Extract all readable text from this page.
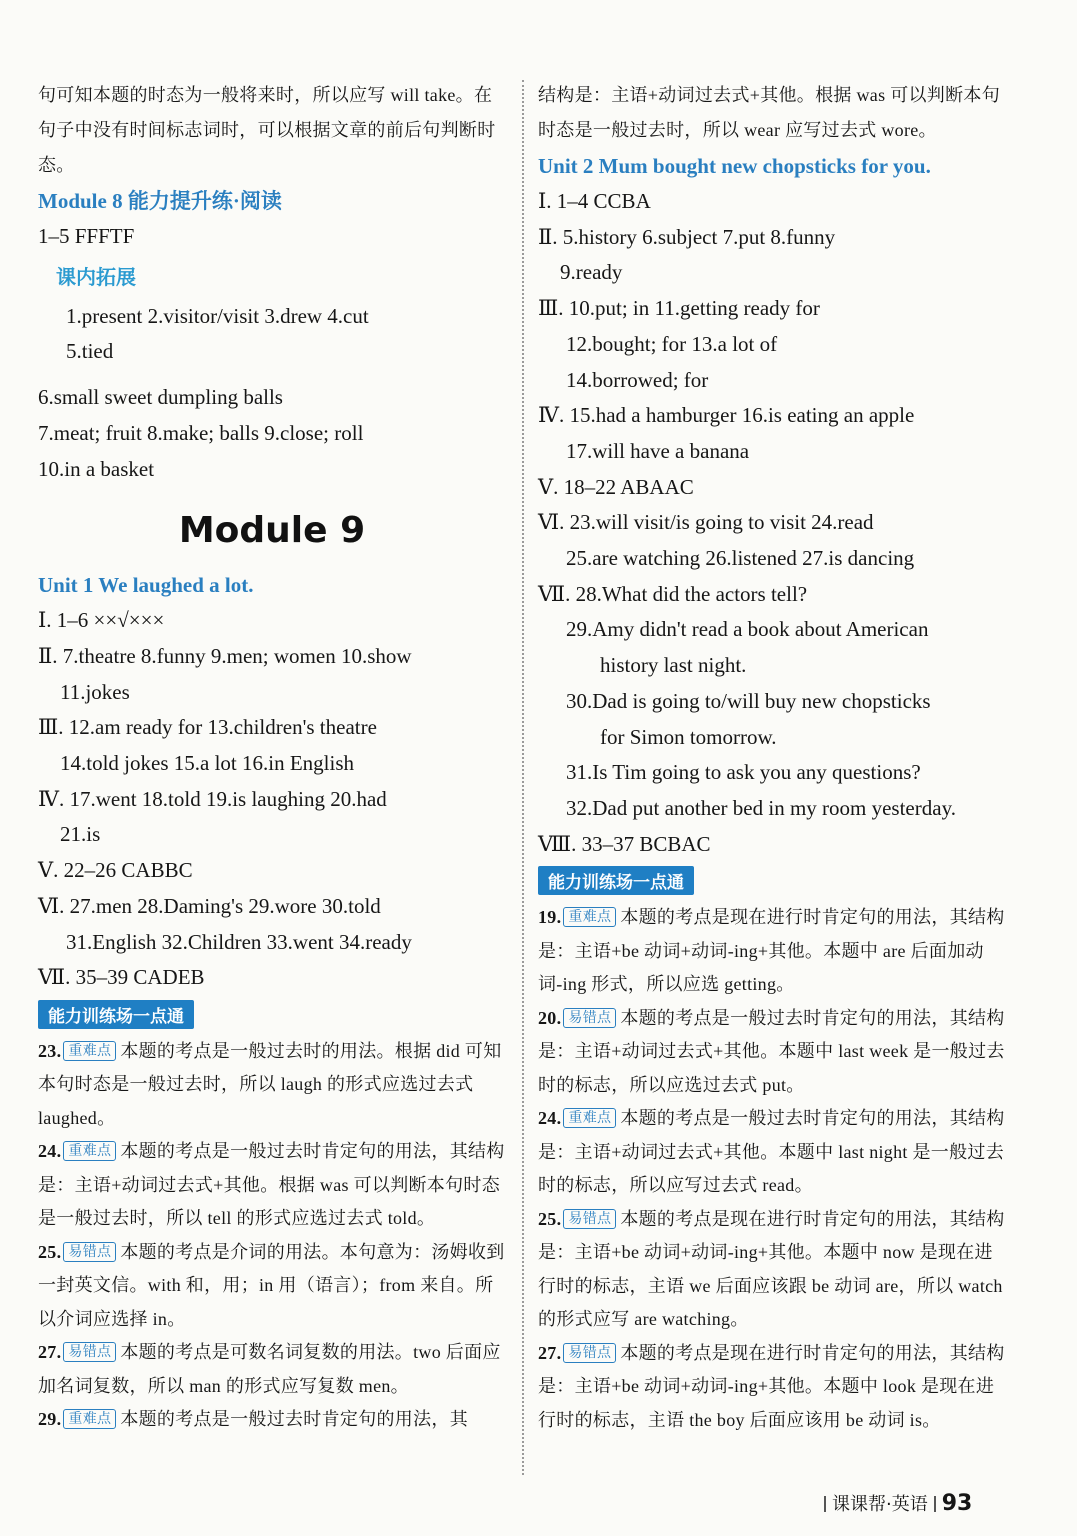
句可知本题的时态为一般将来时，所以应写 will take。在句子中没有时间标志词时，可以根据文章的前后句判断时态。
Module 8 能力提升练·阅读
1–5 FFFTF
课内拓展
1.present 2.visitor/visit 3.drew 4.cut
5.tied
6.small sweet dumpling balls
7.meat; fruit 8.make; balls 9.close; roll
10.in a basket
Module 9
Unit 1 We laughed a lot.
Ⅰ. 1–6 ××√×××
Ⅱ. 7.theatre 8.funny 9.men; women 10.show
11.jokes
Ⅲ. 12.am ready for 13.children's theatre
14.told jokes 15.a lot 16.in English
Ⅳ. 17.went 18.told 19.is laughing 20.had
21.is
Ⅴ. 22–26 CABBC
Ⅵ. 27.men 28.Daming's 29.wore 30.told
31.English 32.Children 33.went 34.ready
Ⅶ. 35–39 CADEB
能力训练场一点通
23. 重难点 本题的考点是一般过去时的用法。根据 did 可知本句时态是一般过去时，所以 laugh 的形式应选过去式 laughed。
24. 重难点 本题的考点是一般过去时肯定句的用法，其结构是：主语+动词过去式+其他。根据 was 可以判断本句时态是一般过去时，所以 tell 的形式应选过去式 told。
25. 易错点 本题的考点是介词的用法。本句意为：汤姆收到一封英文信。with 和，用；in 用（语言）；from 来自。所以介词应选择 in。
27. 易错点 本题的考点是可数名词复数的用法。two 后面应加名词复数，所以 man 的形式应写复数 men。
29. 重难点 本题的考点是一般过去时肯定句的用法，其
结构是：主语+动词过去式+其他。根据 was 可以判断本句时态是一般过去时，所以 wear 应写过去式 wore。
Unit 2 Mum bought new chopsticks for you.
Ⅰ. 1–4 CCBA
Ⅱ. 5.history 6.subject 7.put 8.funny
9.ready
Ⅲ. 10.put; in 11.getting ready for
12.bought; for 13.a lot of
14.borrowed; for
Ⅳ. 15.had a hamburger 16.is eating an apple
17.will have a banana
Ⅴ. 18–22 ABAAC
Ⅵ. 23.will visit/is going to visit 24.read
25.are watching 26.listened 27.is dancing
Ⅶ. 28.What did the actors tell?
29.Amy didn't read a book about American
history last night.
30.Dad is going to/will buy new chopsticks
for Simon tomorrow.
31.Is Tim going to ask you any questions?
32.Dad put another bed in my room yesterday.
Ⅷ. 33–37 BCBAC
能力训练场一点通
19. 重难点 本题的考点是现在进行时肯定句的用法，其结构是：主语+be 动词+动词-ing+其他。本题中 are 后面加动词-ing 形式，所以应选 getting。
20. 易错点 本题的考点是一般过去时肯定句的用法，其结构是：主语+动词过去式+其他。本题中 last week 是一般过去时的标志，所以应选过去式 put。
24. 重难点 本题的考点是一般过去时肯定句的用法，其结构是：主语+动词过去式+其他。本题中 last night 是一般过去时的标志，所以应写过去式 read。
25. 易错点 本题的考点是现在进行时肯定句的用法，其结构是：主语+be 动词+动词-ing+其他。本题中 now 是现在进行时的标志，主语 we 后面应该跟 be 动词 are，所以 watch 的形式应写 are watching。
27. 易错点 本题的考点是现在进行时肯定句的用法，其结构是：主语+be 动词+动词-ing+其他。本题中 look 是现在进行时的标志，主语 the boy 后面应该用 be 动词 is。
课课帮·英语 93
